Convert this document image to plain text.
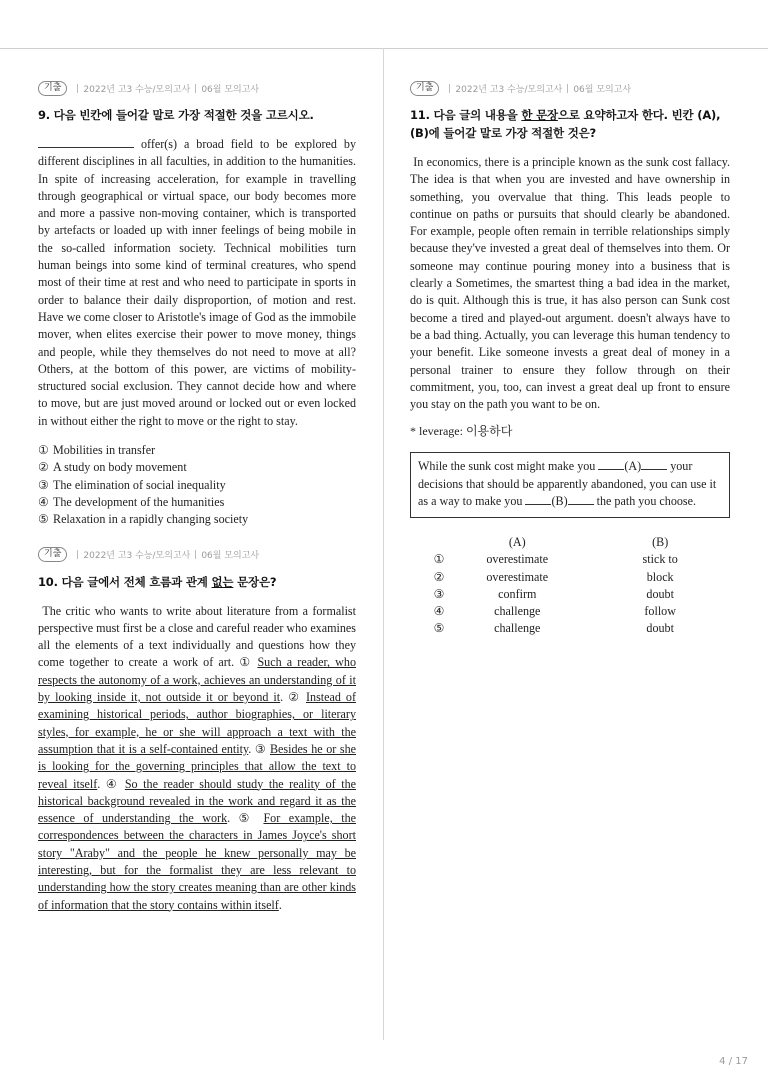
기출	2022년 고3 수능/모의고사 06월 모의고사
9. 다음 빈칸에 들어갈 말로 가장 적절한 것을 고르시오.

offer(s) a broad field to be explored by different disciplines in all faculties, in addition to the humanities. In spite of increasing acceleration, for example in travelling through geographical or virtual space, our body becomes more and more a passive non-moving container, which is transported by artefacts or loaded up with inner feelings of being mobile in the so-called information society. Technical mobilities turn human beings into some kind of terminal creatures, who spend most of their time at rest and who need to participate in sports in order to balance their daily disproportion, of motion and rest. Have we come closer to Aristotle's image of God as the immobile mover, when elites exercise their power to move money, things and people, while they themselves do not need to move at all? Others, at the bottom of this power, are victims of mobility-structured social exclusion. They cannot decide how and where to move, but are just moved around or locked out or even locked in without either the right to move or the right to stay.

① Mobilities in transfer
② A study on body movement
③ The elimination of social inequality
④ The development of the humanities
⑤ Relaxation in a rapidly changing society
기출	2022년 고3 수능/모의고사 06월 모의고사
10. 다음 글에서 전체 흐름과 관계 없는 문장은?

The critic who wants to write about literature from a formalist perspective must first be a close and careful reader who examines all the elements of a text individually and questions how they come together to create a work of art. ① Such a reader, who respects the autonomy of a work, achieves an understanding of it by looking inside it, not outside it or beyond it. ② Instead of examining historical periods, author biographies, or literary styles, for example, he or she will approach a text with the assumption that it is a self-contained entity. ③ Besides he or she is looking for the governing principles that allow the text to reveal itself. ④ So the reader should study the reality of the historical background revealed in the work and regard it as the essence of understanding the work. ⑤ For example, the correspondences between the characters in James Joyce's short story "Araby" and the people he knew personally may be interesting, but for the formalist they are less relevant to understanding how the story creates meaning than are other kinds of information that the story contains within itself.

기출	2022년 고3 수능/모의고사 06월 모의고사
11. 다음 글의 내용을 한 문장으로 요약하고자 한다. 빈칸 (A), (B)에 들어갈 말로 가장 적절한 것은?

In economics, there is a principle known as the sunk cost fallacy. The idea is that when you are invested and have ownership in something, you overvalue that thing. This leads people to continue on paths or pursuits that should clearly be abandoned. For example, people often remain in terrible relationships simply because they've invested a great deal of themselves into them. Or someone may continue pouring money into a business that is clearly a Sometimes, the smartest thing a bad idea in the market, do is quit. Although this is true, it has also person can Sunk cost become a tired and played-out argument. doesn't always have to be a bad thing. Actually, you can leverage this human tendency to your benefit. Like someone invests a great deal of money in a personal trainer to ensure they follow through on their commitment, you, too, can invest a great deal up front to ensure you stay on the path you want to be on.

* leverage: 이용하다

While the sunk cost might make you (A) your decisions that should be apparently abandoned, you can use it as a way to make you (B) the path you choose.
(A)	(B)
①	overestimate	stick to
②	overestimate	block
③	confirm	doubt
④	challenge	follow
⑤	challenge	doubt
4 / 17
